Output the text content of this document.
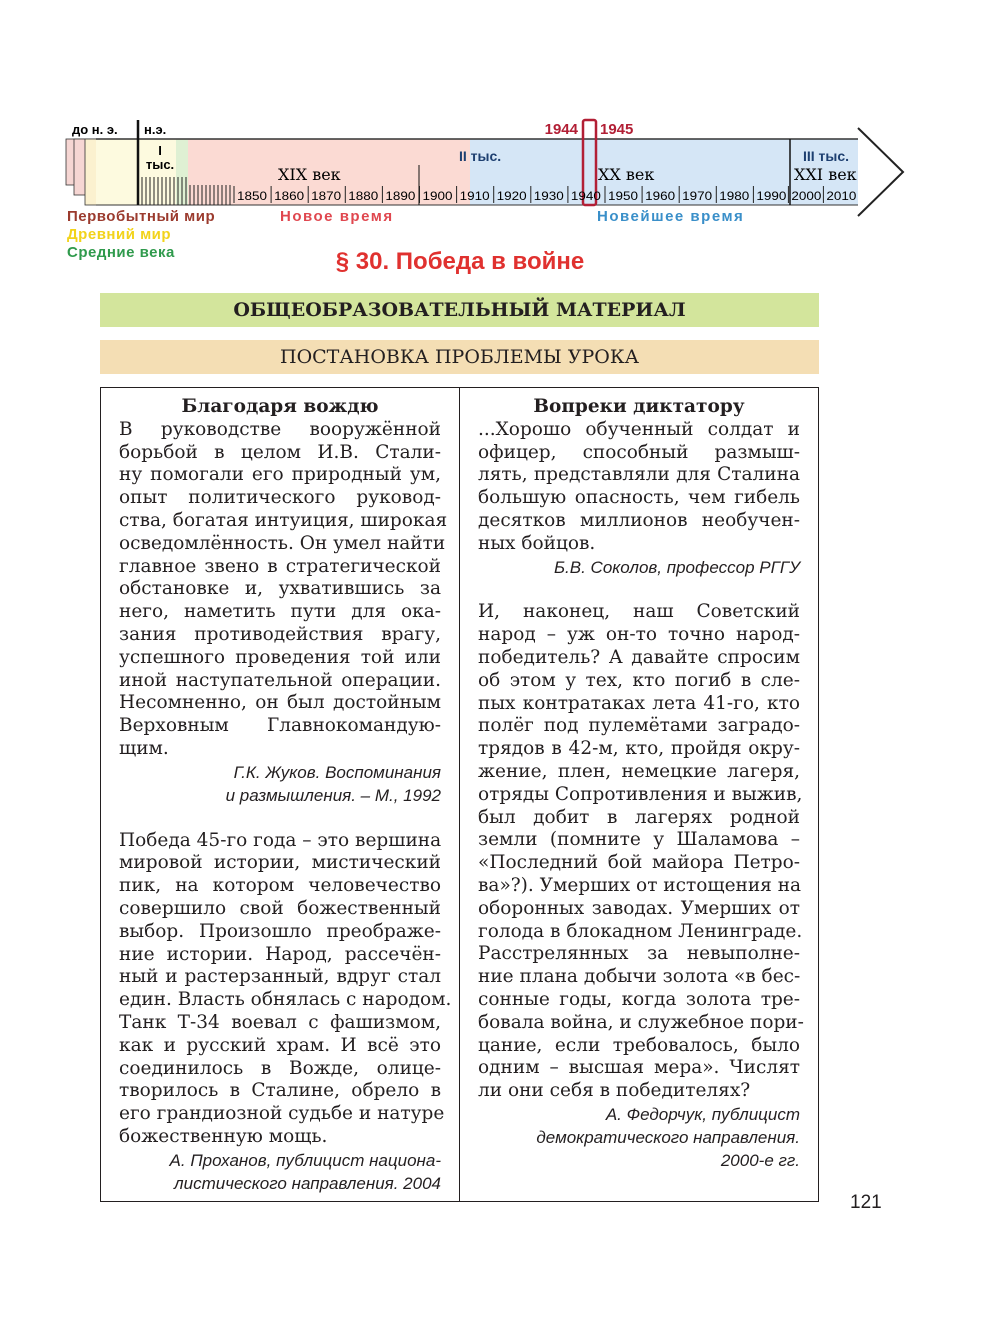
до н. э. н.э.
I
тыс.
II тыс.	III тыс.
XIX век	XX век	XXI век
1944 1945
1850 1860 1870 1880 1890 1900 1910 1920 1930 1940 1950 1960 1970 1980 1990 2000 2010
Первобытный мир
Древний мир
Средние века
Новое время	Новейшее время
§ 30. Победа в войне
ОБЩЕОБРАЗОВАТЕЛЬНЫЙ МАТЕРИАЛ
ПОСТАНОВКА ПРОБЛЕМЫ УРОКА
Благодаря вождю
В руководстве вооружённой
борьбой в целом И.В. Стали-
ну помогали его природный ум,
опыт политического руковод-
ства, богатая интуиция, широкая
осведомлённость. Он умел найти
главное звено в стратегической
обстановке и, ухватившись за
него, наметить пути для ока-
зания противодействия врагу,
успешного проведения той или
иной наступательной операции.
Несомненно, он был достойным
Верховным Главнокомандую-
щим.
Г.К. Жуков. Воспоминания
и размышления. – М., 1992
Победа 45-го года – это вершина
мировой истории, мистический
пик, на котором человечество
совершило свой божественный
выбор. Произошло преображе-
ние истории. Народ, рассечён-
ный и растерзанный, вдруг стал
един. Власть обнялась с народом.
Танк Т-34 воевал с фашизмом,
как и русский храм. И всё это
соединилось в Вожде, олице-
творилось в Сталине, обрело в
его грандиозной судьбе и натуре
божественную мощь.
А. Проханов, публицист национа-
листического направления. 2004
Вопреки диктатору
...Хорошо обученный солдат и
офицер, способный размыш-
лять, представляли для Сталина
большую опасность, чем гибель
десятков миллионов необучен-
ных бойцов.
Б.В. Соколов, профессор РГГУ
И, наконец, наш Советский
народ – уж он-то точно народ-
победитель? А давайте спросим
об этом у тех, кто погиб в сле-
пых контратаках лета 41-го, кто
полёг под пулемётами заградо-
трядов в 42-м, кто, пройдя окру-
жение, плен, немецкие лагеря,
отряды Сопротивления и выжив,
был добит в лагерях родной
земли (помните у Шаламова –
«Последний бой майора Петро-
ва»?). Умерших от истощения на
оборонных заводах. Умерших от
голода в блокадном Ленинграде.
Расстрелянных за невыполне-
ние плана добычи золота «в бес-
сонные годы, когда золота тре-
бовала война, и служебное пори-
цание, если требовалось, было
одним – высшая мера». Числят
ли они себя в победителях?
А. Федорчук, публицист
демократического направления.
2000-е гг.
121
